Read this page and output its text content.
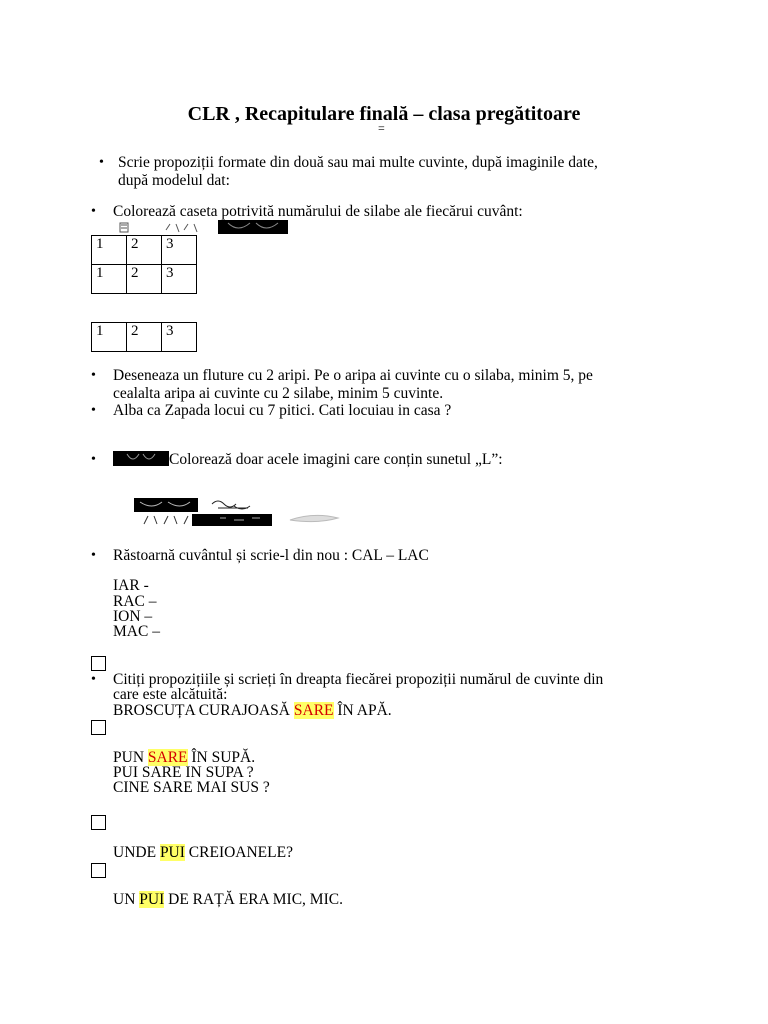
CLR , Recapitulare finală – clasa pregătitoare
=
• Scrie propoziții formate din două sau mai multe cuvinte, după imaginile date,
după modelul dat:
• Colorează caseta potrivită numărului de silabe ale fiecărui cuvânt:
1	2	3
1	2	3
1	2	3
• Deseneaza un fluture cu 2 aripi. Pe o aripa ai cuvinte cu o silaba, minim 5, pe
cealalta aripa ai cuvinte cu 2 silabe, minim 5 cuvinte.
• Alba ca Zapada locui cu 7 pitici. Cati locuiau in casa ?
•	Colorează doar acele imagini care conțin sunetul „L”:
• Răstoarnă cuvântul și scrie-l din nou : CAL – LAC
IAR -
RAC –
ION –
MAC –
• Citiți propozițiile și scrieți în dreapta fiecărei propoziții numărul de cuvinte din
care este alcătuită:
BROSCUȚA CURAJOASĂ SARE ÎN APĂ.
PUN SARE ÎN SUPĂ.
PUI SARE IN SUPA ?
CINE SARE MAI SUS ?
UNDE PUI CREIOANELE?
UN PUI DE RAȚĂ ERA MIC, MIC.
